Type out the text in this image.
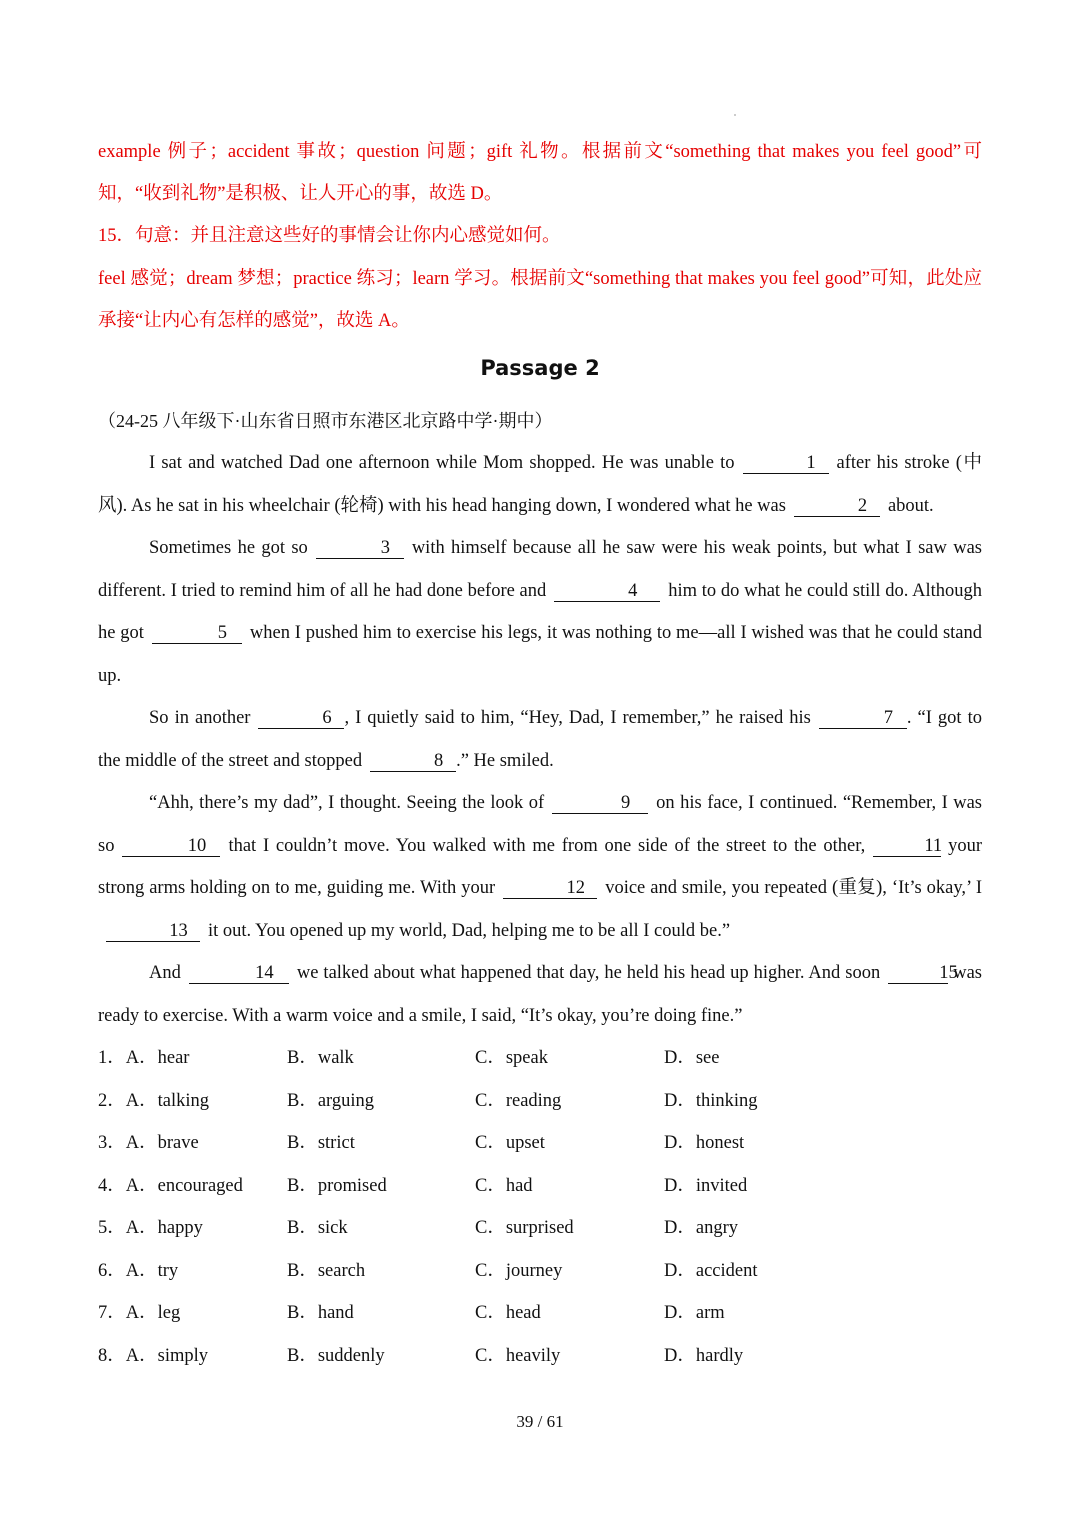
example 例子；accident 事故；question 问题；gift 礼物。根据前文“something that makes you feel good”可知，“收到礼物”是积极、让人开心的事，故选 D。

15．句意：并且注意这些好的事情会让你内心感觉如何。

feel 感觉；dream 梦想；practice 练习；learn 学习。根据前文“something that makes you feel good”可知，此处应承接“让内心有怎样的感觉”，故选 A。

Passage 2
（24-25 八年级下·山东省日照市东港区北京路中学·期中）

I sat and watched Dad one afternoon while Mom shopped. He was unable to	1 after his stroke (中风). As he sat in his wheelchair (轮椅) with his head hanging down, I wondered what he was	2 about.

Sometimes he got so	3 with himself because all he saw were his weak points, but what I saw was different. I tried to remind him of all he had done before and	4 him to do what he could still do. Although he got	5 when I pushed him to exercise his legs, it was nothing to me—all I wished was that he could stand up.

So in another	6 , I quietly said to him, “Hey, Dad, I remember,” he raised his	7 . “I got to the middle of the street and stopped	8 .” He smiled.

“Ahh, there’s my dad”, I thought. Seeing the look of	9 on his face, I continued. “Remember, I was so	10 that I couldn’t move. You walked with me from one side of the street to the other,	11 your strong arms holding on to me, guiding me. With your	12 voice and smile, you repeated (重复), ‘It’s okay,’ I13 it out. You opened up my world, Dad, helping me to be all I could be.”

And	14 we talked about what happened that day, he held his head up higher. And soon	15 was ready to exercise. With a warm voice and a smile, I said, “It’s okay, you’re doing fine.”

1．A．hear	B．walk	C．speak	D．see
2．A．talking	B．arguing	C．reading	D．thinking
3．A．brave	B．strict	C．upset	D．honest
4．A．encouraged B．promised	C．had	D．invited
5．A．happy	B．sick	C．surprised	D．angry
6．A．try	B．search	C．journey	D．accident
7．A．leg	B．hand	C．head	D．arm
8．A．simply	B．suddenly	C．heavily	D．hardly
39 / 61
